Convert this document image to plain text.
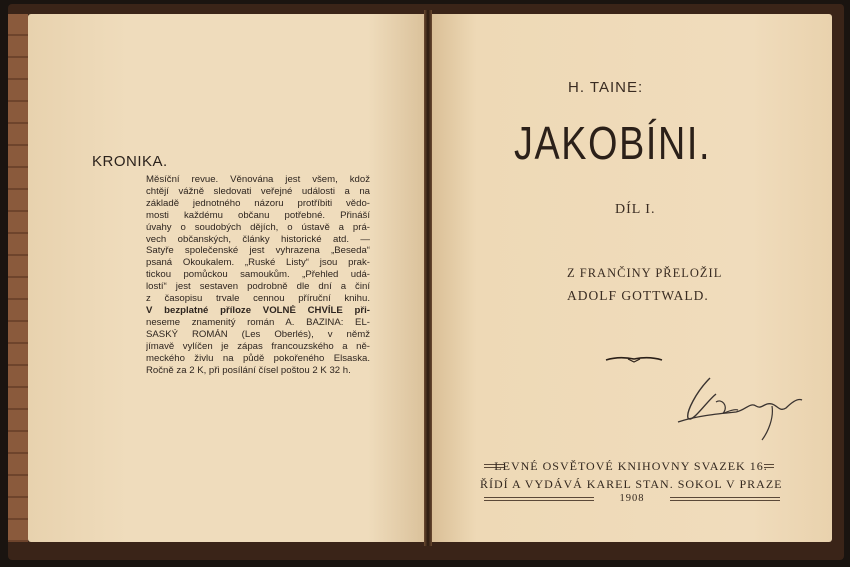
KRONIKA.
Měsíční revue. Věnována jest všem, kdož
chtějí vážně sledovati veřejné události a na
základě jednotného názoru protříbiti vědo-
mosti každému občanu potřebné. Přináší
úvahy o soudobých dějích, o ústavě a prá-
vech občanských, články historické atd. —
Satyře společenské jest vyhrazena „Beseda“
psaná Okoukalem. „Ruské Listy“ jsou prak-
tickou pomůckou samoukům. „Přehled udá-
lostí“ jest sestaven podrobně dle dní a činí
z časopisu trvale cennou příruční knihu.
V bezplatné příloze VOLNÉ CHVÍLE při-
neseme znamenitý román A. BAZINA: EL-
SASKÝ ROMÁN (Les Oberlés), v němž
jímavě vylíčen je zápas francouzského a ně-
meckého živlu na půdě pokořeného Elsaska.
Ročně za 2 K, při posílání čísel poštou 2 K 32 h.
H. TAINE:
JAKOBÍNI.
DÍL I.
Z FRANČINY PŘELOŽIL
ADOLF GOTTWALD.
LEVNÉ OSVĚTOVÉ KNIHOVNY SVAZEK 16.
ŘÍDÍ A VYDÁVÁ KAREL STAN. SOKOL V PRAZE
1908
